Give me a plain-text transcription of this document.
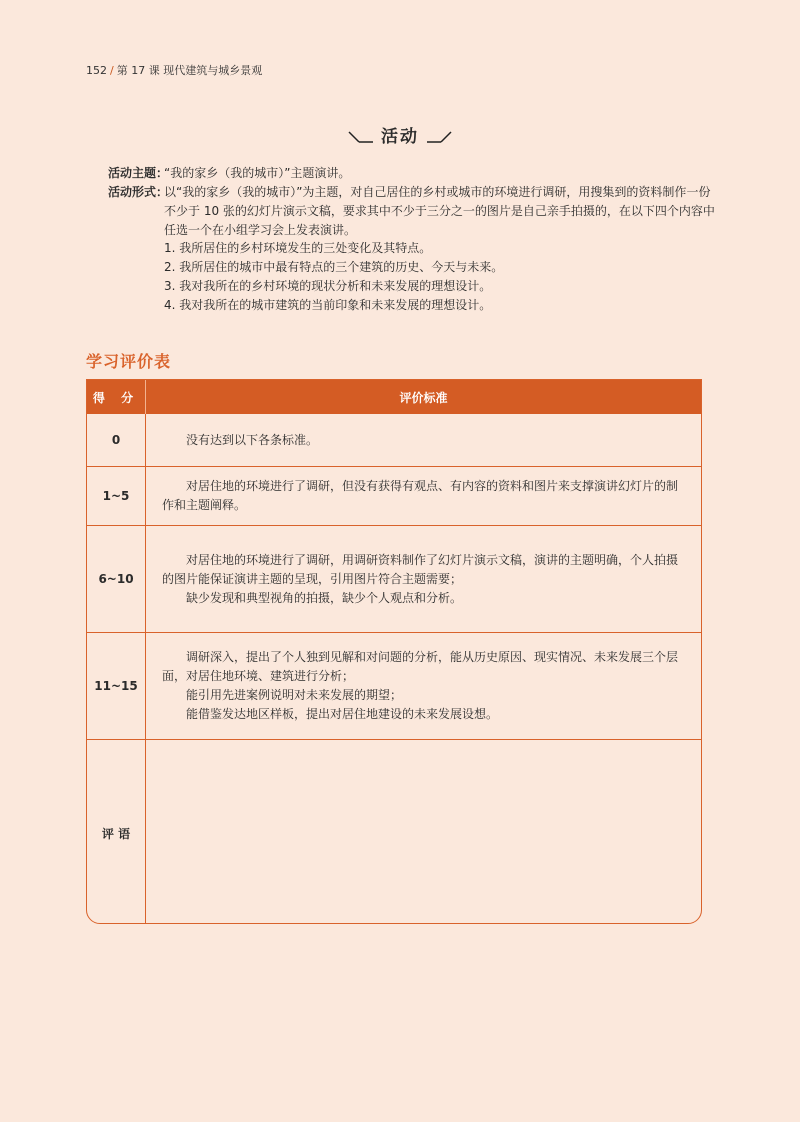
152 / 第 17 课 现代建筑与城乡景观
活动
活动主题：
“我的家乡（我的城市）”主题演讲。
活动形式：
以“我的家乡（我的城市）”为主题，对自己居住的乡村或城市的环境进行调研，用搜集到的资料制作一份不少于 10 张的幻灯片演示文稿，要求其中不少于三分之一的图片是自己亲手拍摄的，在以下四个内容中任选一个在小组学习会上发表演讲。
1. 我所居住的乡村环境发生的三处变化及其特点。
2. 我所居住的城市中最有特点的三个建筑的历史、今天与未来。
3. 我对我所在的乡村环境的现状分析和未来发展的理想设计。
4. 我对我所在的城市建筑的当前印象和未来发展的理想设计。
学习评价表
得 分	评价标准
0	没有达到以下各条标准。

1~5

对居住地的环境进行了调研，但没有获得有观点、有内容的资料和图片来支撑演讲幻灯片的制作和主题阐释。

6~10

对居住地的环境进行了调研，用调研资料制作了幻灯片演示文稿，演讲的主题明确，个人拍摄的图片能保证演讲主题的呈现，引用图片符合主题需要；

缺少发现和典型视角的拍摄，缺少个人观点和分析。

11~15

调研深入，提出了个人独到见解和对问题的分析，能从历史原因、现实情况、未来发展三个层面，对居住地环境、建筑进行分析；

能引用先进案例说明对未来发展的期望；

能借鉴发达地区样板，提出对居住地建设的未来发展设想。

评 语
